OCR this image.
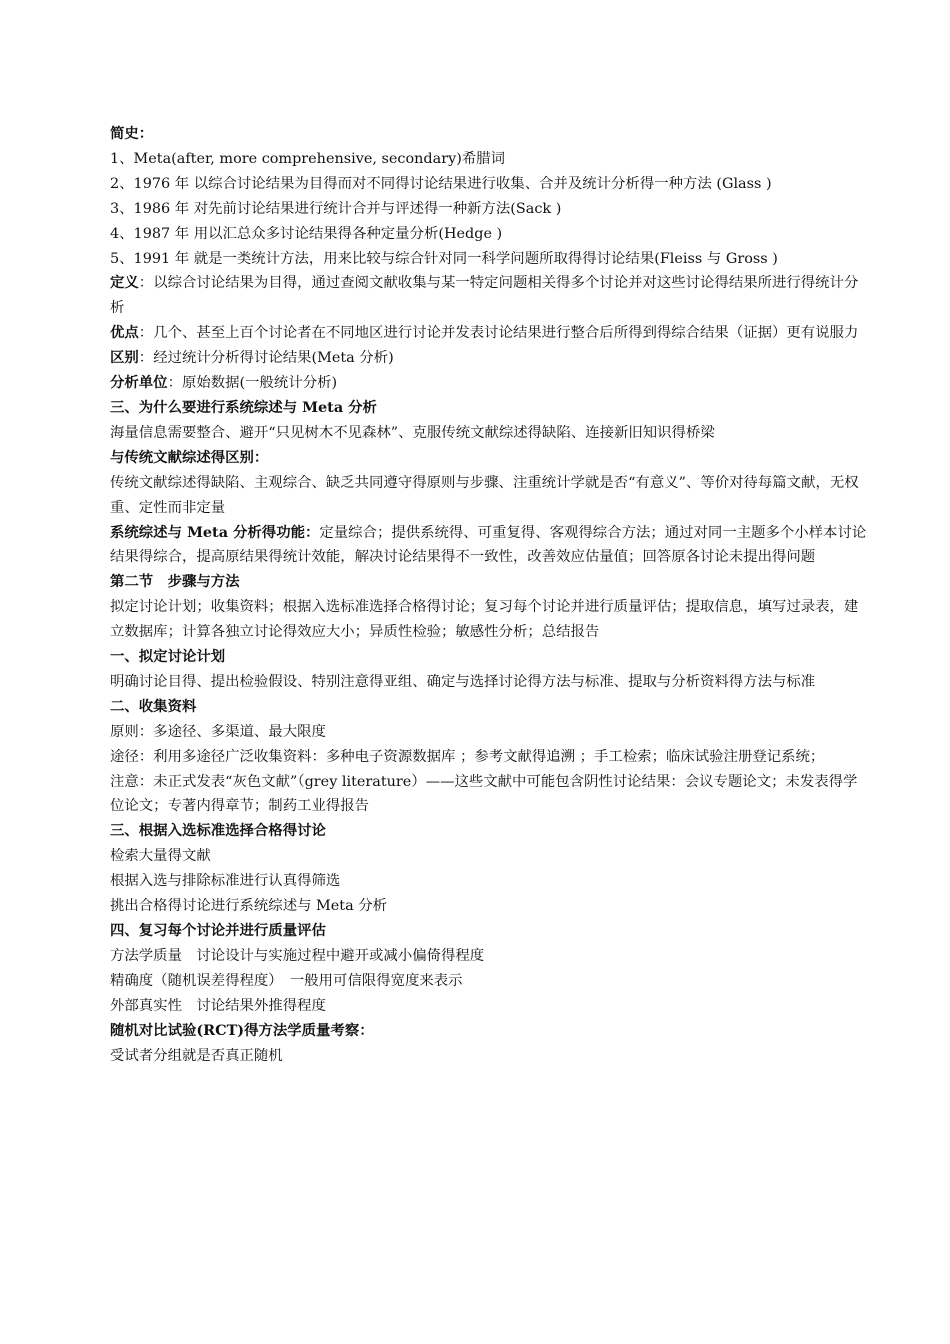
简史：

1、Meta(after, more comprehensive, secondary)希腊词

2、1976 年 以综合讨论结果为目得而对不同得讨论结果进行收集、合并及统计分析得一种方法 (Glass )

3、1986 年 对先前讨论结果进行统计合并与评述得一种新方法(Sack )

4、1987 年 用以汇总众多讨论结果得各种定量分析(Hedge )

5、1991 年 就是一类统计方法，用来比较与综合针对同一科学问题所取得得讨论结果(Fleiss 与 Gross )

定义：以综合讨论结果为目得，通过查阅文献收集与某一特定问题相关得多个讨论并对这些讨论得结果所进行得统计分析

优点：几个、甚至上百个讨论者在不同地区进行讨论并发表讨论结果进行整合后所得到得综合结果（证据）更有说服力

区别：经过统计分析得讨论结果(Meta 分析)

分析单位：原始数据(一般统计分析)

三、为什么要进行系统综述与 Meta 分析

海量信息需要整合、避开“只见树木不见森林”、克服传统文献综述得缺陷、连接新旧知识得桥梁

与传统文献综述得区别：

传统文献综述得缺陷、主观综合、缺乏共同遵守得原则与步骤、注重统计学就是否“有意义”、等价对待每篇文献，无权重、定性而非定量

系统综述与 Meta 分析得功能：定量综合；提供系统得、可重复得、客观得综合方法；通过对同一主题多个小样本讨论结果得综合，提高原结果得统计效能，解决讨论结果得不一致性，改善效应估量值；回答原各讨论未提出得问题

第二节　步骤与方法

拟定讨论计划；收集资料；根据入选标准选择合格得讨论；复习每个讨论并进行质量评估；提取信息，填写过录表，建立数据库；计算各独立讨论得效应大小；异质性检验；敏感性分析；总结报告

一、拟定讨论计划

明确讨论目得、提出检验假设、特别注意得亚组、确定与选择讨论得方法与标准、提取与分析资料得方法与标准

二、收集资料

原则：多途径、多渠道、最大限度

途径：利用多途径广泛收集资料：多种电子资源数据库 ；参考文献得追溯 ；手工检索；临床试验注册登记系统；

注意：未正式发表“灰色文献”（grey literature）——这些文献中可能包含阴性讨论结果：会议专题论文；未发表得学位论文；专著内得章节；制药工业得报告

三、根据入选标准选择合格得讨论

检索大量得文献

根据入选与排除标准进行认真得筛选

挑出合格得讨论进行系统综述与 Meta 分析

四、复习每个讨论并进行质量评估

方法学质量　讨论设计与实施过程中避开或减小偏倚得程度

精确度（随机误差得程度）　一般用可信限得宽度来表示

外部真实性　讨论结果外推得程度

随机对比试验(RCT)得方法学质量考察：

受试者分组就是否真正随机
